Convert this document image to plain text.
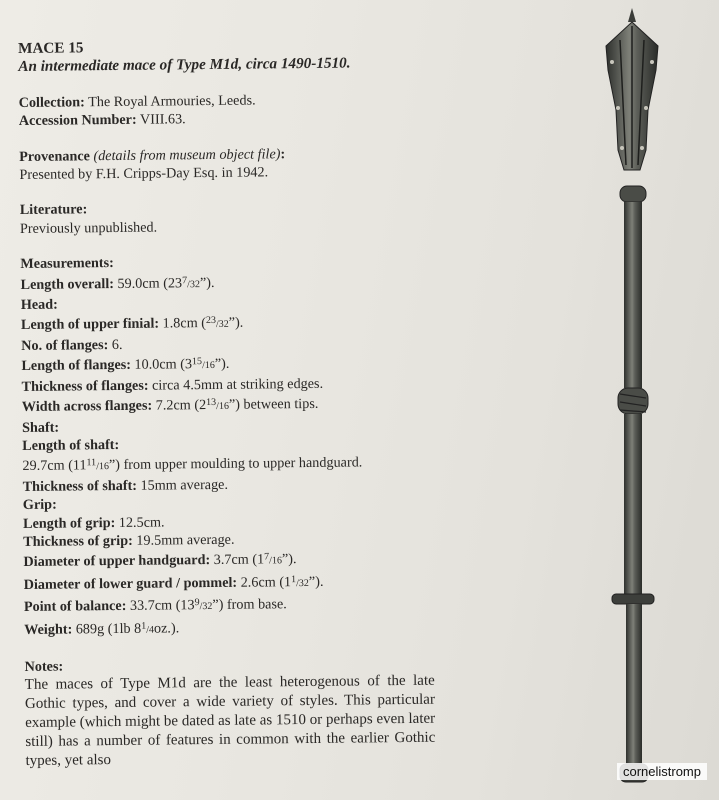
MACE 15
An intermediate mace of Type M1d, circa 1490-1510.
Collection: The Royal Armouries, Leeds.
Accession Number: VIII.63.
Provenance (details from museum object file):
Presented by F.H. Cripps-Day Esq. in 1942.
Literature:
Previously unpublished.
Measurements:
Length overall: 59.0cm (237/32”).
Head:
Length of upper finial: 1.8cm (23/32”).
No. of flanges: 6.
Length of flanges: 10.0cm (315/16”).
Thickness of flanges: circa 4.5mm at striking edges.
Width across flanges: 7.2cm (213/16”) between tips.
Shaft:
Length of shaft:
29.7cm (1111/16”) from upper moulding to upper handguard.
Thickness of shaft: 15mm average.
Grip:
Length of grip: 12.5cm.
Thickness of grip: 19.5mm average.
Diameter of upper handguard: 3.7cm (17/16”).
Diameter of lower guard / pommel: 2.6cm (11/32”).
Point of balance: 33.7cm (139/32”) from base.
Weight: 689g (1lb 81/4oz.).
Notes:
The maces of Type M1d are the least heterogenous of the late Gothic types, and cover a wide variety of styles. This particular example (which might be dated as late as 1510 or perhaps even later still) has a number of features in common with the earlier Gothic types, yet also
cornelistromp
